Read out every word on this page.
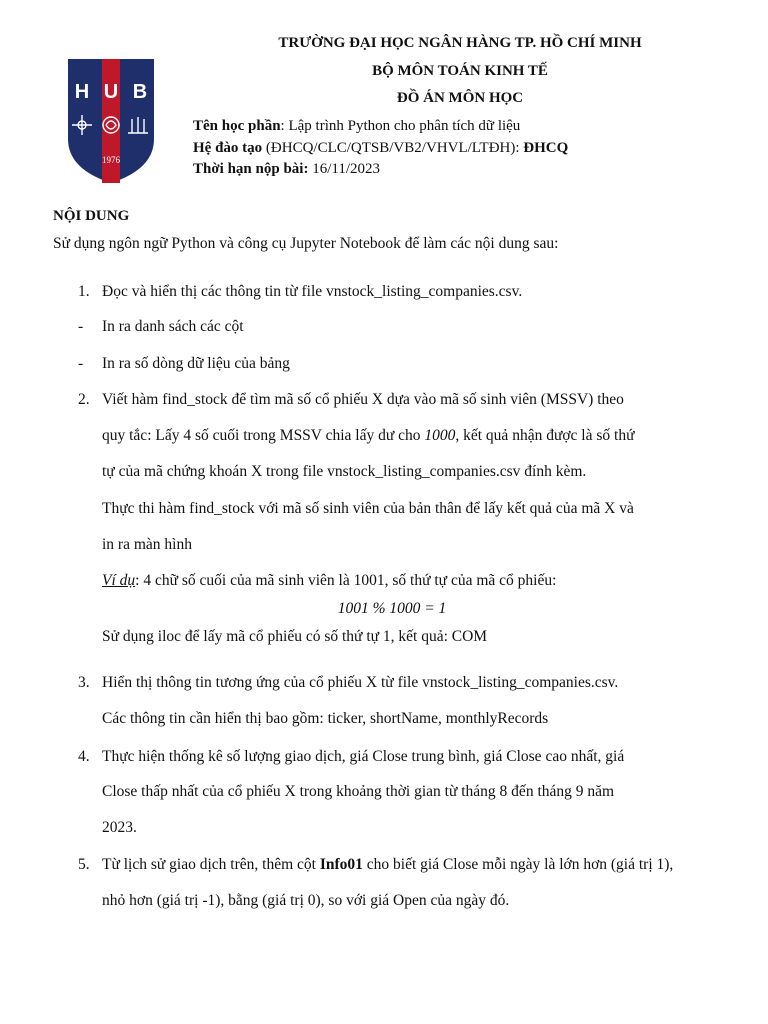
H U B
1976
TRƯỜNG ĐẠI HỌC NGÂN HÀNG TP. HỒ CHÍ MINH
BỘ MÔN TOÁN KINH TẾ
ĐỒ ÁN MÔN HỌC
Tên học phần: Lập trình Python cho phân tích dữ liệu
Hệ đào tạo (ĐHCQ/CLC/QTSB/VB2/VHVL/LTĐH): ĐHCQ
Thời hạn nộp bài: 16/11/2023
NỘI DUNG
Sử dụng ngôn ngữ Python và công cụ Jupyter Notebook để làm các nội dung sau:
1. Đọc và hiển thị các thông tin từ file vnstock_listing_companies.csv.
- In ra danh sách các cột
- In ra số dòng dữ liệu của bảng
2. Viết hàm find_stock để tìm mã số cổ phiếu X dựa vào mã số sinh viên (MSSV) theo
quy tắc: Lấy 4 số cuối trong MSSV chia lấy dư cho 1000, kết quả nhận được là số thứ
tự của mã chứng khoán X trong file vnstock_listing_companies.csv đính kèm.
Thực thi hàm find_stock với mã số sinh viên của bản thân để lấy kết quả của mã X và
in ra màn hình
Ví dụ: 4 chữ số cuối của mã sinh viên là 1001, số thứ tự của mã cổ phiếu:
1001 % 1000 = 1
Sử dụng iloc để lấy mã cổ phiếu có số thứ tự 1, kết quả: COM
3. Hiển thị thông tin tương ứng của cổ phiếu X từ file vnstock_listing_companies.csv.
Các thông tin cần hiển thị bao gồm: ticker, shortName, monthlyRecords
4. Thực hiện thống kê số lượng giao dịch, giá Close trung bình, giá Close cao nhất, giá
Close thấp nhất của cổ phiếu X trong khoảng thời gian từ tháng 8 đến tháng 9 năm
2023.
5. Từ lịch sử giao dịch trên, thêm cột Info01 cho biết giá Close mỗi ngày là lớn hơn (giá trị 1),
nhỏ hơn (giá trị -1), bằng (giá trị 0), so với giá Open của ngày đó.
